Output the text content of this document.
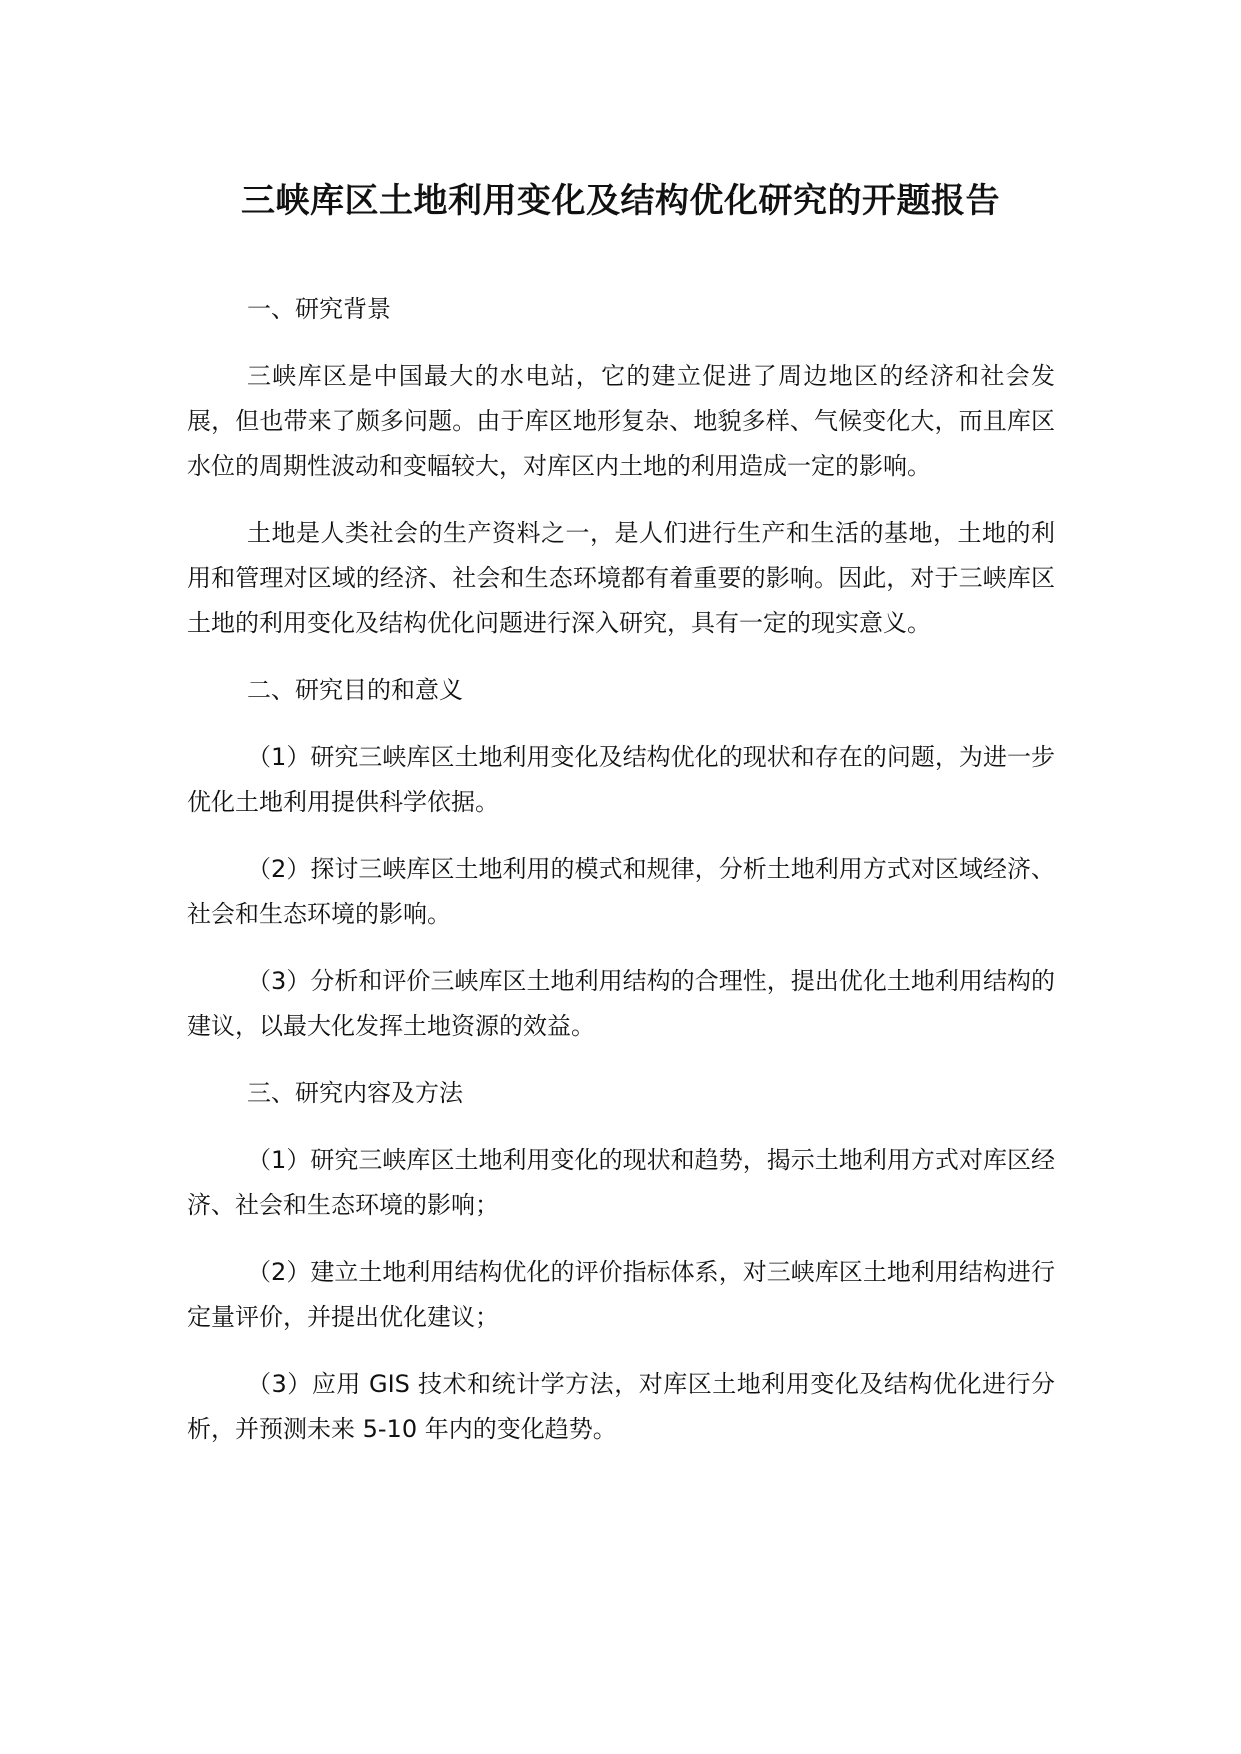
三峡库区土地利用变化及结构优化研究的开题报告

一、研究背景

三峡库区是中国最大的水电站，它的建立促进了周边地区的经济和社会发展，但也带来了颇多问题。由于库区地形复杂、地貌多样、气候变化大，而且库区水位的周期性波动和变幅较大，对库区内土地的利用造成一定的影响。

土地是人类社会的生产资料之一，是人们进行生产和生活的基地，土地的利用和管理对区域的经济、社会和生态环境都有着重要的影响。因此，对于三峡库区土地的利用变化及结构优化问题进行深入研究，具有一定的现实意义。

二、研究目的和意义

（1）研究三峡库区土地利用变化及结构优化的现状和存在的问题，为进一步优化土地利用提供科学依据。

（2）探讨三峡库区土地利用的模式和规律，分析土地利用方式对区域经济、社会和生态环境的影响。

（3）分析和评价三峡库区土地利用结构的合理性，提出优化土地利用结构的建议，以最大化发挥土地资源的效益。

三、研究内容及方法

（1）研究三峡库区土地利用变化的现状和趋势，揭示土地利用方式对库区经济、社会和生态环境的影响；

（2）建立土地利用结构优化的评价指标体系，对三峡库区土地利用结构进行定量评价，并提出优化建议；

（3）应用 GIS 技术和统计学方法，对库区土地利用变化及结构优化进行分析，并预测未来 5-10 年内的变化趋势。
